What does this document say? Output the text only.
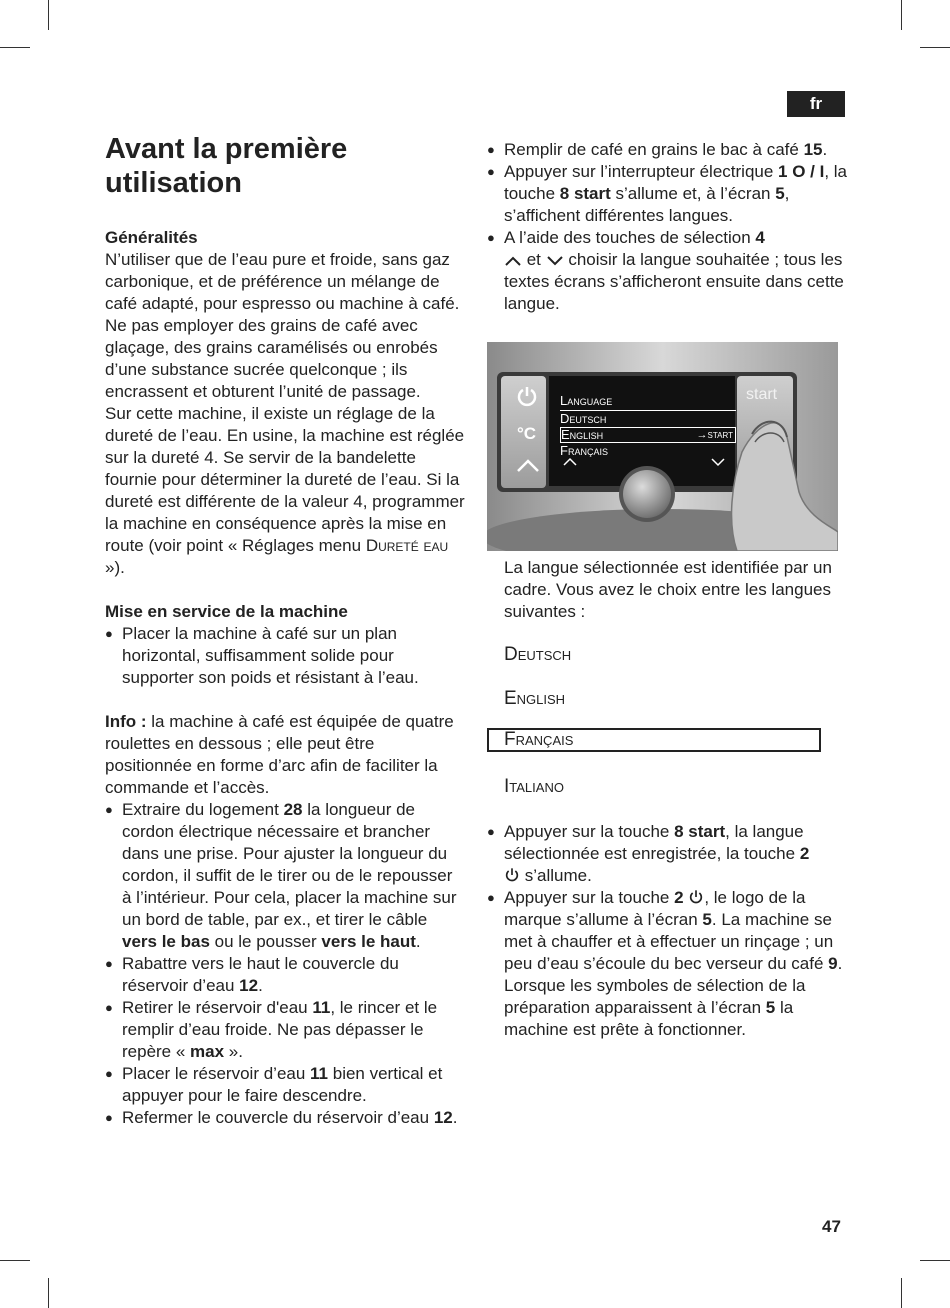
fr
Avant la première utilisation

Généralités

N’utiliser que de l’eau pure et froide, sans gaz carbonique, et de préférence un mélange de café adapté, pour espresso ou machine à café. Ne pas employer des grains de café avec glaçage, des grains caramélisés ou enrobés d’une substance sucrée quelconque ; ils encrassent et obturent l’unité de passage.

Sur cette machine, il existe un réglage de la dureté de l’eau. En usine, la machine est réglée sur la dureté 4. Se servir de la bandelette fournie pour déterminer la dureté de l’eau. Si la dureté est différente de la valeur 4, programmer la machine en conséquence après la mise en route (voir point « Réglages menu Dureté eau »).

Mise en service de la machine

● Placer la machine à café sur un plan horizontal, suffisamment solide pour supporter son poids et résistant à l’eau.

Info : la machine à café est équipée de quatre roulettes en dessous ; elle peut être positionnée en forme d’arc afin de faciliter la commande et l’accès.

● Extraire du logement 28 la longueur de cordon électrique nécessaire et brancher dans une prise. Pour ajuster la longueur du cordon, il suffit de le tirer ou de le repousser à l’intérieur. Pour cela, placer la machine sur un bord de table, par ex., et tirer le câble vers le bas ou le pousser vers le haut.
● Rabattre vers le haut le couvercle du réservoir d’eau 12.
● Retirer le réservoir d'eau 11, le rincer et le remplir d’eau froide. Ne pas dépasser le repère « max ».
● Placer le réservoir d’eau 11 bien vertical et appuyer pour le faire descendre.
● Refermer le couvercle du réservoir d’eau 12.
● Remplir de café en grains le bac à café 15.
● Appuyer sur l’interrupteur électrique 1 O / I, la touche 8 start s’allume et, à l’écran 5, s’affichent différentes langues.
● A l’aide des touches de sélection 4
et  choisir la langue souhaitée ; tous les textes écrans s’afficheront ensuite dans cette langue.
°C
Language
Deutsch
English	→start
Français
start

La langue sélectionnée est identifiée par un cadre. Vous avez le choix entre les langues suivantes :

Deutsch
English
Français
Italiano
● Appuyer sur la touche 8 start, la langue sélectionnée est enregistrée, la touche 2
s’allume.
● Appuyer sur la touche 2 , le logo de la marque s’allume à l’écran 5. La machine se met à chauffer et à effectuer un rinçage ; un peu d’eau s’écoule du bec verseur du café 9. Lorsque les symboles de sélection de la préparation apparaissent à l’écran 5 la machine est prête à fonctionner.
47
